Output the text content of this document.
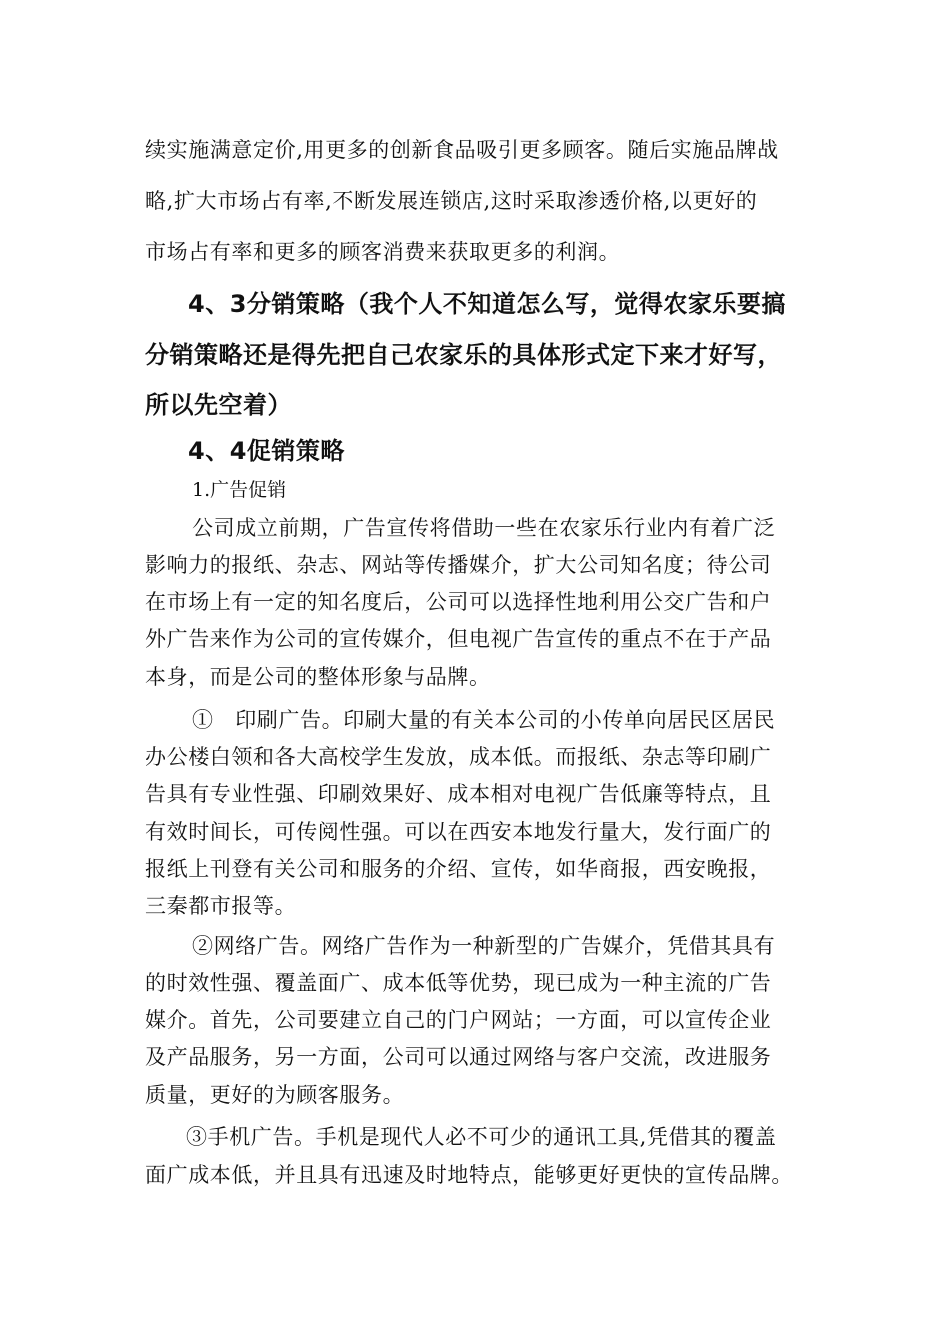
续实施满意定价,用更多的创新食品吸引更多顾客。随后实施品牌战
略,扩大市场占有率,不断发展连锁店,这时采取渗透价格,以更好的
市场占有率和更多的顾客消费来获取更多的利润。
4、3分销策略（我个人不知道怎么写，觉得农家乐要搞
分销策略还是得先把自己农家乐的具体形式定下来才好写，
所以先空着）
4、4促销策略
1.广告促销
公司成立前期，广告宣传将借助一些在农家乐行业内有着广泛
影响力的报纸、杂志、网站等传播媒介，扩大公司知名度；待公司
在市场上有一定的知名度后，公司可以选择性地利用公交广告和户
外广告来作为公司的宣传媒介，但电视广告宣传的重点不在于产品
本身，而是公司的整体形象与品牌。
①　印刷广告。印刷大量的有关本公司的小传单向居民区居民
办公楼白领和各大高校学生发放，成本低。而报纸、杂志等印刷广
告具有专业性强、印刷效果好、成本相对电视广告低廉等特点，且
有效时间长，可传阅性强。可以在西安本地发行量大，发行面广的
报纸上刊登有关公司和服务的介绍、宣传，如华商报，西安晚报，
三秦都市报等。
②网络广告。网络广告作为一种新型的广告媒介，凭借其具有
的时效性强、覆盖面广、成本低等优势，现已成为一种主流的广告
媒介。首先，公司要建立自己的门户网站；一方面，可以宣传企业
及产品服务，另一方面，公司可以通过网络与客户交流，改进服务
质量，更好的为顾客服务。
③手机广告。手机是现代人必不可少的通讯工具,凭借其的覆盖
面广成本低，并且具有迅速及时地特点，能够更好更快的宣传品牌。
